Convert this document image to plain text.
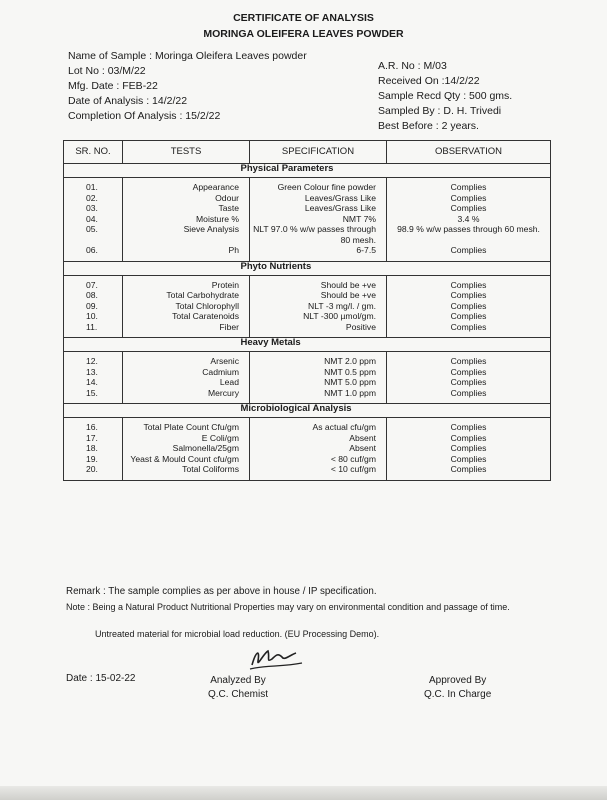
CERTIFICATE OF ANALYSIS
MORINGA OLEIFERA LEAVES POWDER
Name of Sample : Moringa Oleifera Leaves powder
Lot No : 03/M/22
Mfg. Date : FEB-22
Date of Analysis : 14/2/22
Completion Of Analysis : 15/2/22
A.R. No : M/03
Received On :14/2/22
Sample Recd Qty : 500 gms.
Sampled By : D. H. Trivedi
Best Before : 2 years.
SR. NO.	TESTS	SPECIFICATION	OBSERVATION
	Physical Parameters		
01.	Appearance	Green Colour fine powder	Complies
02.	Odour	Leaves/Grass Like	Complies
03.	Taste	Leaves/Grass Like	Complies
04.	Moisture %	NMT 7%	3.4 %
05.	Sieve Analysis	NLT 97.0 % w/w passes through 80 mesh.	98.9 % w/w passes through 60 mesh.
06.	Ph	6-7.5	Complies
	Phyto Nutrients		
07.	Protein	Should be +ve	Complies
08.	Total Carbohydrate	Should be +ve	Complies
09.	Total Chlorophyll	NLT -3 mg/l. / gm.	Complies
10.	Total Caratenoids	NLT -300 µmol/gm.	Complies
11.	Fiber	Positive	Complies
	Heavy Metals		
12.	Arsenic	NMT 2.0 ppm	Complies
13.	Cadmium	NMT 0.5 ppm	Complies
14.	Lead	NMT 5.0 ppm	Complies
15.	Mercury	NMT 1.0 ppm	Complies
	Microbiological Analysis		
16.	Total Plate Count Cfu/gm	As actual cfu/gm	Complies
17.	E Coli/gm	Absent	Complies
18.	Salmonella/25gm	Absent	Complies
19.	Yeast & Mould Count cfu/gm	< 80 cuf/gm	Complies
20.	Total Coliforms	< 10 cuf/gm	Complies
Remark : The sample complies as per above in house / IP specification.
Note : Being a Natural Product Nutritional Properties may vary on environmental condition and passage of time.
Untreated material for microbial load reduction. (EU Processing Demo).
Date : 15-02-22	Analyzed By
Q.C. Chemist
Approved By
Q.C. In Charge
